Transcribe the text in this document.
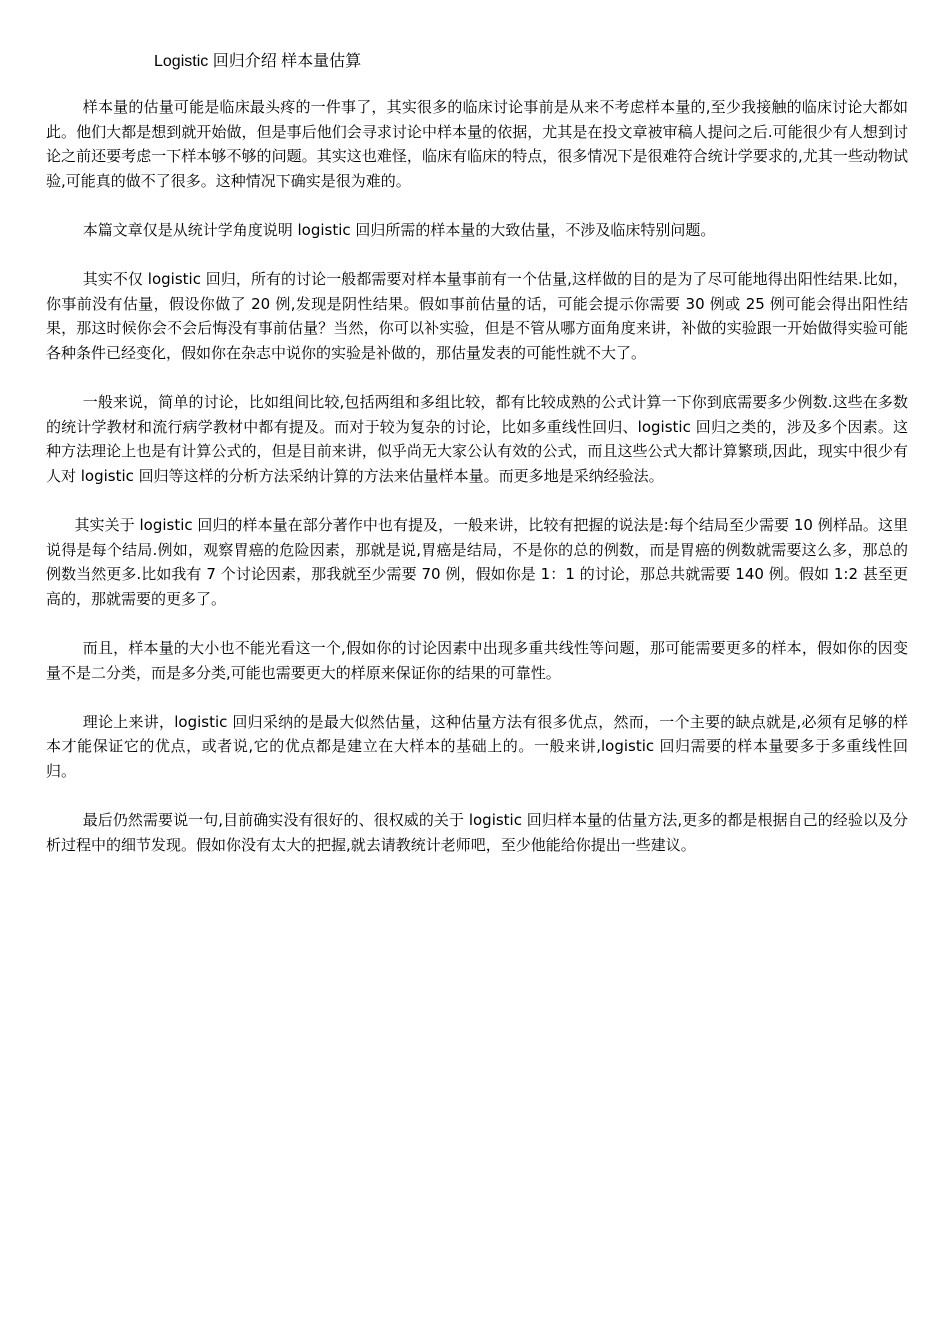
Logistic 回归介绍 样本量估算

样本量的估量可能是临床最头疼的一件事了，其实很多的临床讨论事前是从来不考虑样本量的,至少我接触的临床讨论大都如此。他们大都是想到就开始做，但是事后他们会寻求讨论中样本量的依据，尤其是在投文章被审稿人提问之后.可能很少有人想到讨论之前还要考虑一下样本够不够的问题。其实这也难怪，临床有临床的特点，很多情况下是很难符合统计学要求的,尤其一些动物试验,可能真的做不了很多。这种情况下确实是很为难的。

本篇文章仅是从统计学角度说明 logistic 回归所需的样本量的大致估量，不涉及临床特别问题。

其实不仅 logistic 回归，所有的讨论一般都需要对样本量事前有一个估量,这样做的目的是为了尽可能地得出阳性结果.比如，你事前没有估量，假设你做了 20 例,发现是阴性结果。假如事前估量的话，可能会提示你需要 30 例或 25 例可能会得出阳性结果，那这时候你会不会后悔没有事前估量？当然，你可以补实验，但是不管从哪方面角度来讲，补做的实验跟一开始做得实验可能各种条件已经变化，假如你在杂志中说你的实验是补做的，那估量发表的可能性就不大了。

一般来说，简单的讨论，比如组间比较,包括两组和多组比较，都有比较成熟的公式计算一下你到底需要多少例数.这些在多数的统计学教材和流行病学教材中都有提及。而对于较为复杂的讨论，比如多重线性回归、logistic 回归之类的，涉及多个因素。这种方法理论上也是有计算公式的，但是目前来讲，似乎尚无大家公认有效的公式，而且这些公式大都计算繁琐,因此，现实中很少有人对 logistic 回归等这样的分析方法采纳计算的方法来估量样本量。而更多地是采纳经验法。

其实关于 logistic 回归的样本量在部分著作中也有提及，一般来讲，比较有把握的说法是:每个结局至少需要 10 例样品。这里说得是每个结局.例如，观察胃癌的危险因素，那就是说,胃癌是结局，不是你的总的例数，而是胃癌的例数就需要这么多，那总的例数当然更多.比如我有 7 个讨论因素，那我就至少需要 70 例，假如你是 1：1 的讨论，那总共就需要 140 例。假如 1:2 甚至更高的，那就需要的更多了。

而且，样本量的大小也不能光看这一个,假如你的讨论因素中出现多重共线性等问题，那可能需要更多的样本，假如你的因变量不是二分类，而是多分类,可能也需要更大的样原来保证你的结果的可靠性。

理论上来讲，logistic 回归采纳的是最大似然估量，这种估量方法有很多优点，然而，一个主要的缺点就是,必须有足够的样本才能保证它的优点，或者说,它的优点都是建立在大样本的基础上的。一般来讲,logistic 回归需要的样本量要多于多重线性回归。

最后仍然需要说一句,目前确实没有很好的、很权威的关于 logistic 回归样本量的估量方法,更多的都是根据自己的经验以及分析过程中的细节发现。假如你没有太大的把握,就去请教统计老师吧，至少他能给你提出一些建议。
